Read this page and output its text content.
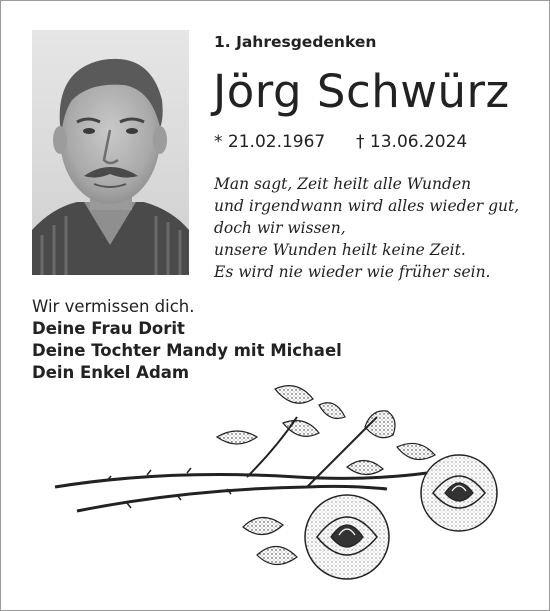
1. Jahresgedenken
Jörg Schwürz
* 21.02.1967 † 13.06.2024
Man sagt, Zeit heilt alle Wunden
und irgendwann wird alles wieder gut,
doch wir wissen,
unsere Wunden heilt keine Zeit.
Es wird nie wieder wie früher sein.
Wir vermissen dich.
Deine Frau Dorit
Deine Tochter Mandy mit Michael
Dein Enkel Adam
